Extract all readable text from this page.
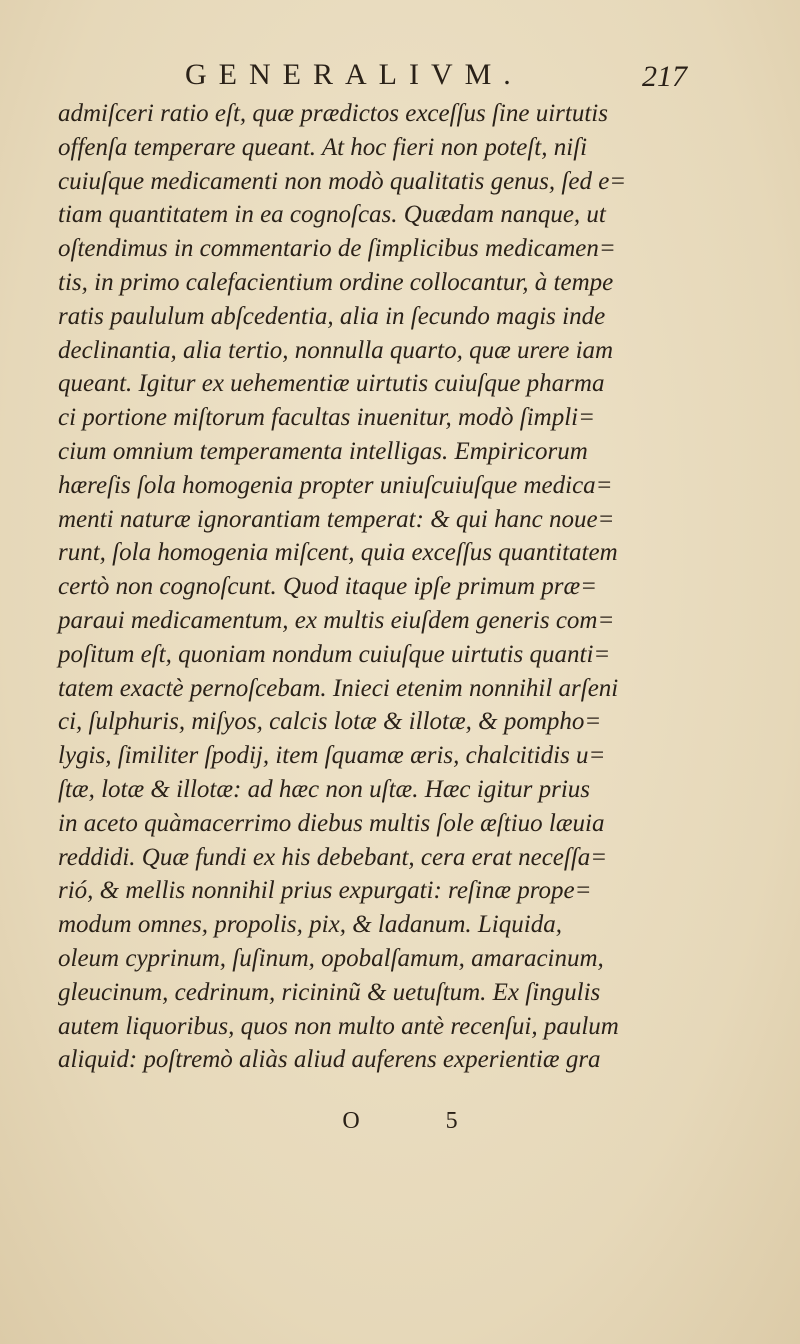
GENERALIVM.	217
admiſceri ratio eſt, quæ prædictos exceſſus ſine uirtutis
offenſa temperare queant. At hoc fieri non poteſt, niſi
cuiuſque medicamenti non modò qualitatis genus, ſed e=
tiam quantitatem in ea cognoſcas. Quædam nanque, ut
oſtendimus in commentario de ſimplicibus medicamen=
tis, in primo calefacientium ordine collocantur, à tempe
ratis paululum abſcedentia, alia in ſecundo magis inde
declinantia, alia tertio, nonnulla quarto, quæ urere iam
queant. Igitur ex uehementiæ uirtutis cuiuſque pharma
ci portione miſtorum facultas inuenitur, modò ſimpli=
cium omnium temperamenta intelligas. Empiricorum
hæreſis ſola homogenia propter uniuſcuiuſque medica=
menti naturæ ignorantiam temperat: & qui hanc noue=
runt, ſola homogenia miſcent, quia exceſſus quantitatem
certò non cognoſcunt. Quod itaque ipſe primum præ=
paraui medicamentum, ex multis eiuſdem generis com=
poſitum eſt, quoniam nondum cuiuſque uirtutis quanti=
tatem exactè pernoſcebam. Inieci etenim nonnihil arſeni
ci, ſulphuris, miſyos, calcis lotæ & illotæ, & pompho=
lygis, ſimiliter ſpodij, item ſquamæ æris, chalcitidis u=
ſtæ, lotæ & illotæ: ad hæc non uſtæ. Hæc igitur prius
in aceto quàmacerrimo diebus multis ſole æſtiuo læuia
reddidi. Quæ fundi ex his debebant, cera erat neceſſa=
rió, & mellis nonnihil prius expurgati: reſinæ prope=
modum omnes, propolis, pix, & ladanum. Liquida,
oleum cyprinum, ſuſinum, opobalſamum, amaracinum,
gleucinum, cedrinum, ricininũ & uetuſtum. Ex ſingulis
autem liquoribus, quos non multo antè recenſui, paulum
aliquid: poſtremò aliàs aliud auferens experientiæ gra
O 5
